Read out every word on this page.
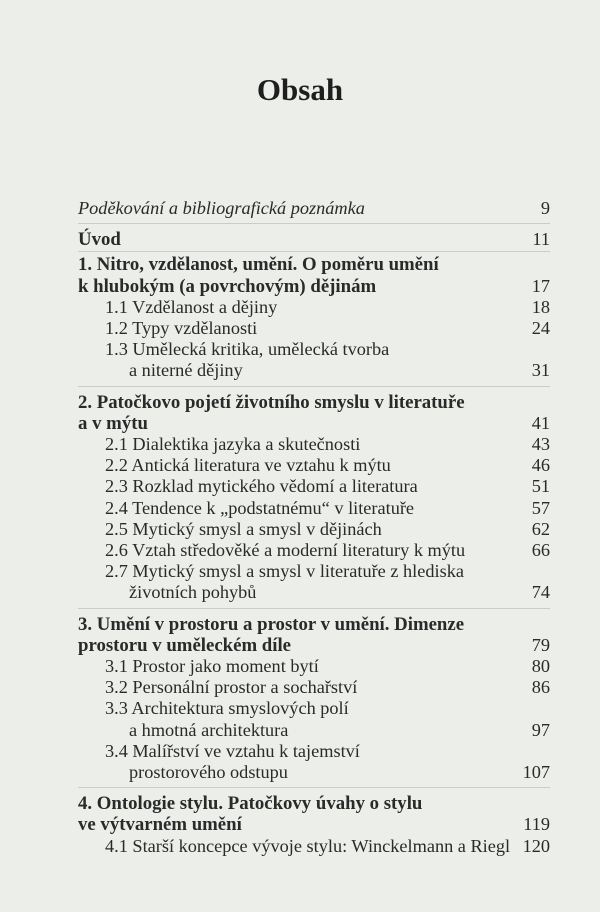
Obsah
Poděkování a bibliografická poznámka	9
Úvod	11
1. Nitro, vzdělanost, umění. O poměru umění
k hlubokým (a povrchovým) dějinám	17
1.1 Vzdělanost a dějiny	18
1.2 Typy vzdělanosti	24
1.3 Umělecká kritika, umělecká tvorba
a niterné dějiny	31
2. Patočkovo pojetí životního smyslu v literatuře
a v mýtu	41
2.1 Dialektika jazyka a skutečnosti	43
2.2 Antická literatura ve vztahu k mýtu	46
2.3 Rozklad mytického vědomí a literatura	51
2.4 Tendence k „podstatnému“ v literatuře	57
2.5 Mytický smysl a smysl v dějinách	62
2.6 Vztah středověké a moderní literatury k mýtu	66
2.7 Mytický smysl a smysl v literatuře z hlediska
životních pohybů	74
3. Umění v prostoru a prostor v umění. Dimenze
prostoru v uměleckém díle	79
3.1 Prostor jako moment bytí	80
3.2 Personální prostor a sochařství	86
3.3 Architektura smyslových polí
a hmotná architektura	97
3.4 Malířství ve vztahu k tajemství
prostorového odstupu	107
4. Ontologie stylu. Patočkovy úvahy o stylu
ve výtvarném umění	119
4.1 Starší koncepce vývoje stylu: Winckelmann a Riegl 120
